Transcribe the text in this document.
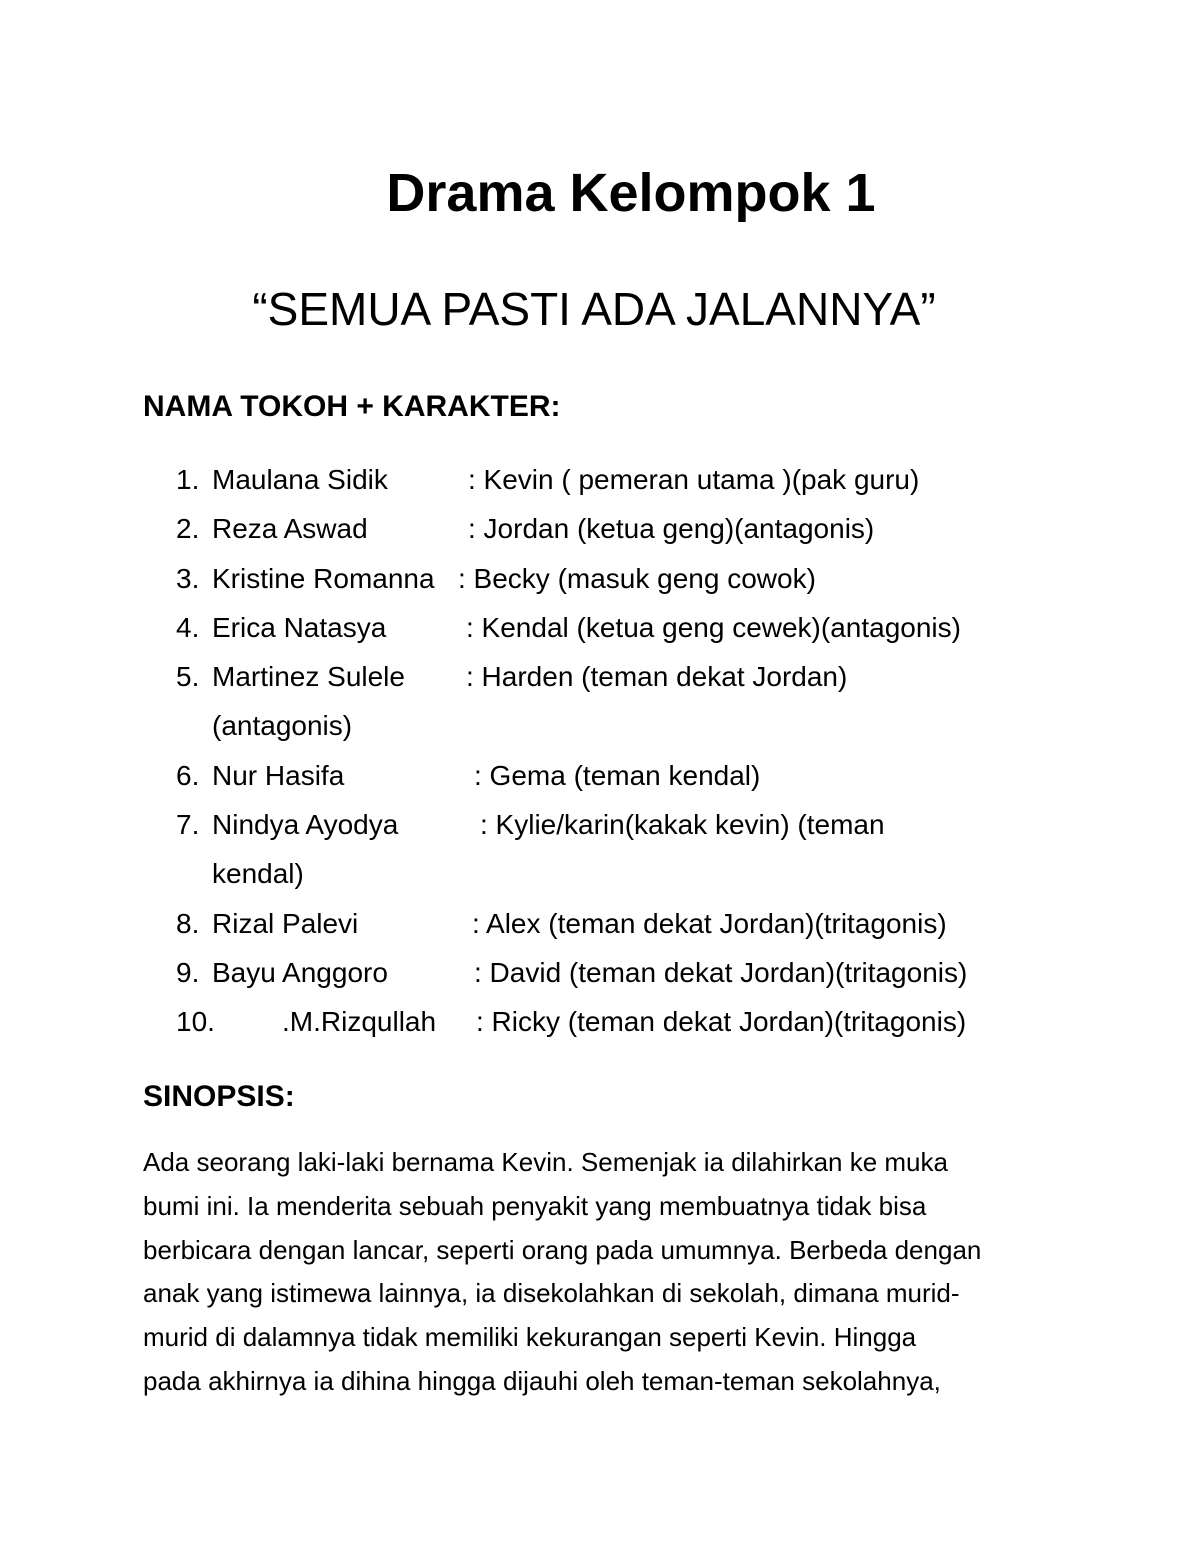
Drama Kelompok 1
“SEMUA PASTI ADA JALANNYA”
NAMA TOKOH + KARAKTER:
1. Maulana Sidik	: Kevin ( pemeran utama )(pak guru)
2. Reza Aswad	: Jordan (ketua geng)(antagonis)
3. Kristine Romanna : Becky (masuk geng cowok)
4. Erica Natasya	: Kendal (ketua geng cewek)(antagonis)
5. Martinez Sulele : Harden (teman dekat Jordan)
(antagonis)
6. Nur Hasifa	: Gema (teman kendal)
7. Nindya Ayodya	: Kylie/karin(kakak kevin) (teman
kendal)
8. Rizal Palevi	: Alex (teman dekat Jordan)(tritagonis)
9. Bayu Anggoro	: David (teman dekat Jordan)(tritagonis)
10. .M.Rizqullah : Ricky (teman dekat Jordan)(tritagonis)
SINOPSIS:
Ada seorang laki-laki bernama Kevin. Semenjak ia dilahirkan ke muka
bumi ini. Ia menderita sebuah penyakit yang membuatnya tidak bisa
berbicara dengan lancar, seperti orang pada umumnya. Berbeda dengan
anak yang istimewa lainnya, ia disekolahkan di sekolah, dimana murid-
murid di dalamnya tidak memiliki kekurangan seperti Kevin. Hingga
pada akhirnya ia dihina hingga dijauhi oleh teman-teman sekolahnya,
